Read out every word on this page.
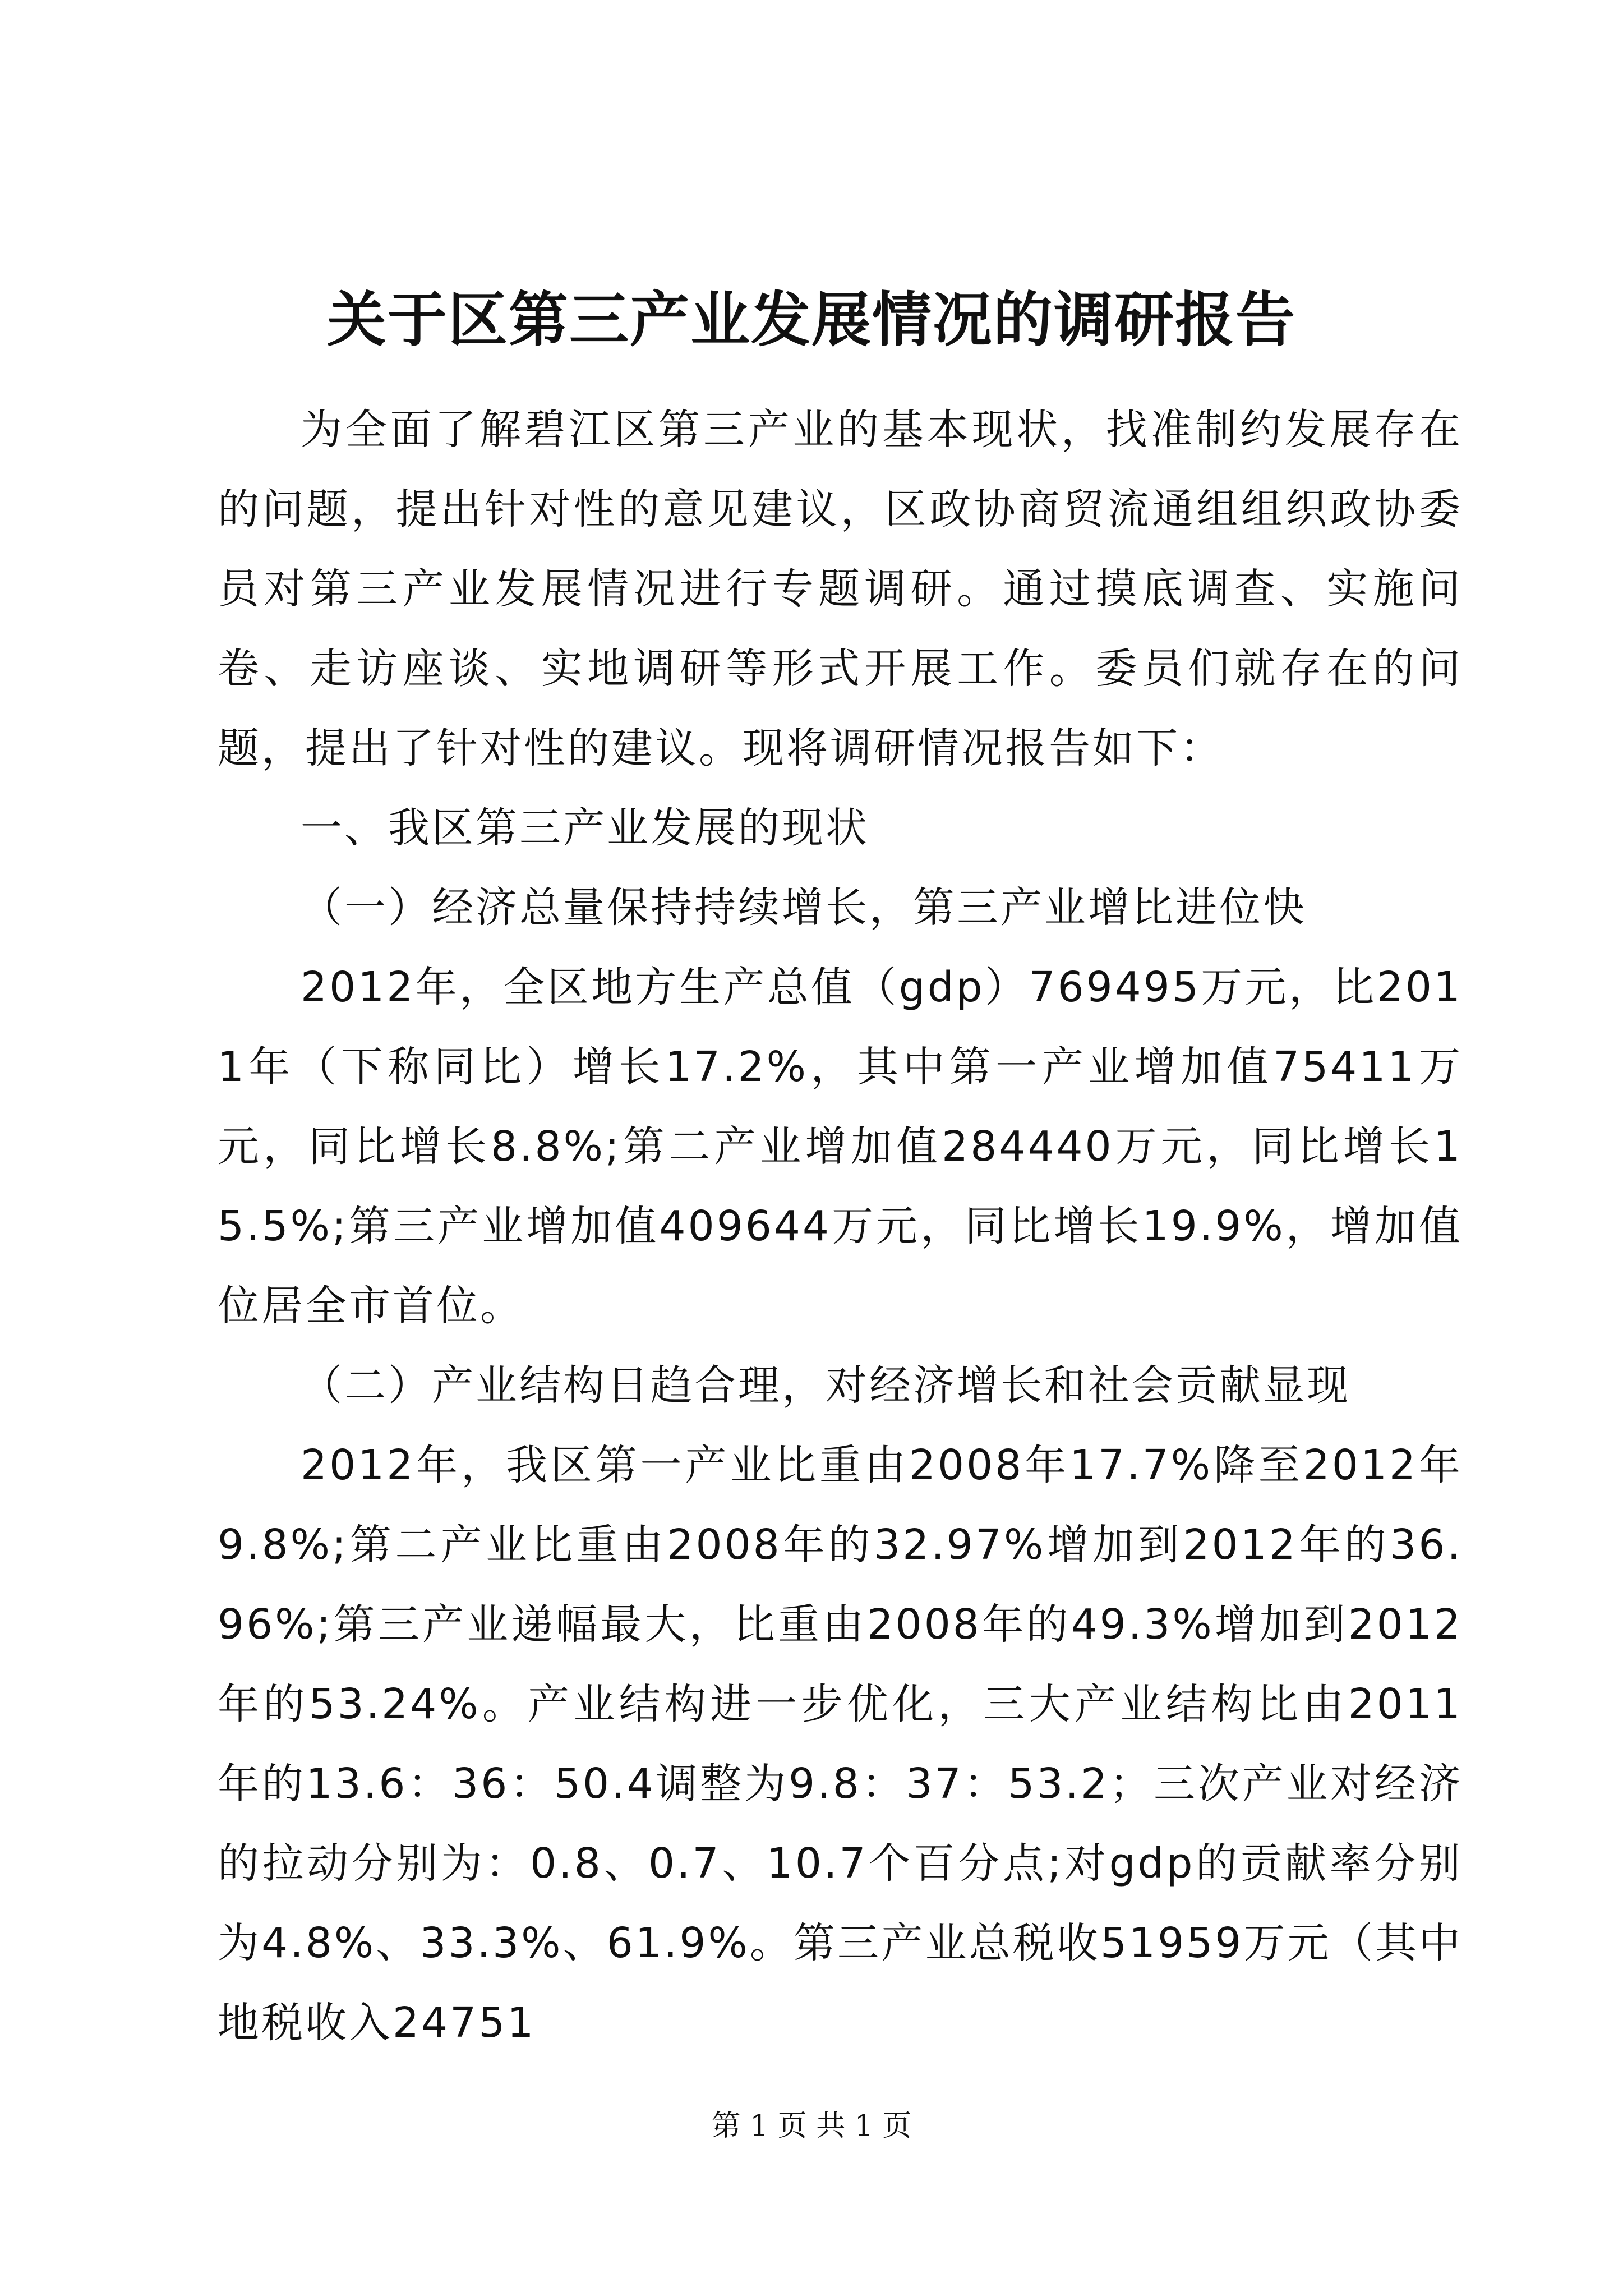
关于区第三产业发展情况的调研报告

为全面了解碧江区第三产业的基本现状，找准制约发展存在的问题，提出针对性的意见建议，区政协商贸流通组组织政协委员对第三产业发展情况进行专题调研。通过摸底调查、实施问卷、走访座谈、实地调研等形式开展工作。委员们就存在的问题，提出了针对性的建议。现将调研情况报告如下：

一、我区第三产业发展的现状

（一）经济总量保持持续增长，第三产业增比进位快

2012年，全区地方生产总值（gdp）769495万元，比2011年（下称同比）增长17.2%，其中第一产业增加值75411万元，同比增长8.8%;第二产业增加值284440万元，同比增长15.5%;第三产业增加值409644万元，同比增长19.9%，增加值位居全市首位。

（二）产业结构日趋合理，对经济增长和社会贡献显现

2012年，我区第一产业比重由2008年17.7%降至2012年9.8%;第二产业比重由2008年的32.97%增加到2012年的36.96%;第三产业递幅最大，比重由2008年的49.3%增加到2012年的53.24%。产业结构进一步优化，三大产业结构比由2011年的13.6：36：50.4调整为9.8：37：53.2；三次产业对经济的拉动分别为：0.8、0.7、10.7个百分点;对gdp的贡献率分别为4.8%、33.3%、61.9%。第三产业总税收51959万元（其中地税收入24751

第 1 页 共 1 页
